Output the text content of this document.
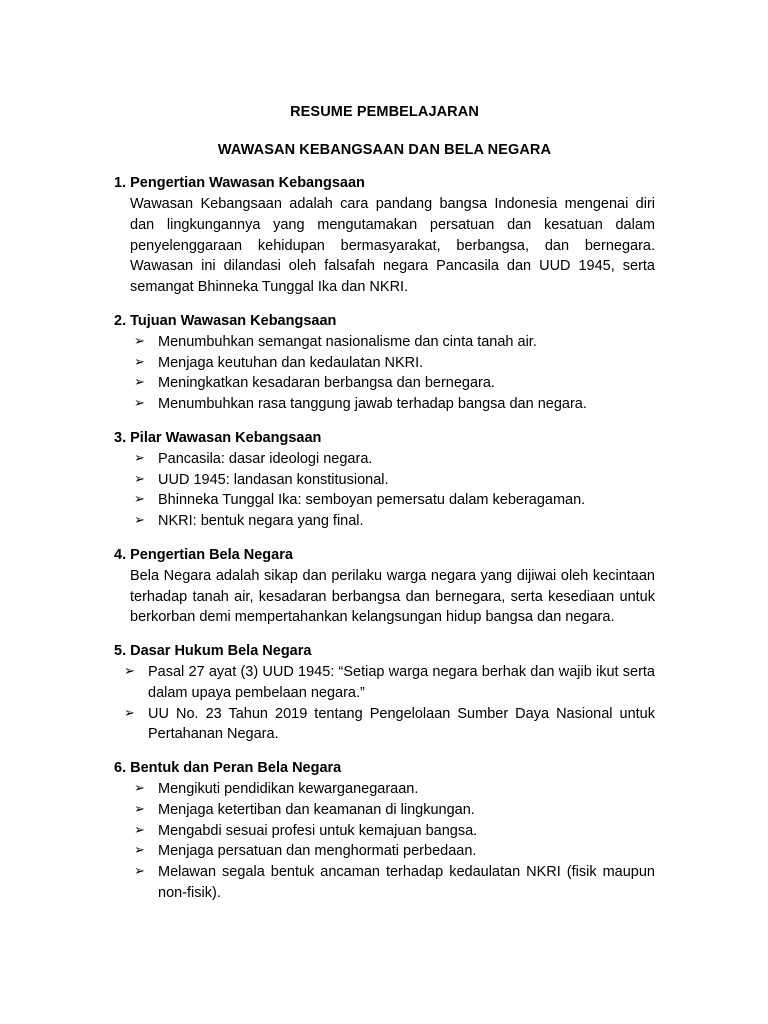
RESUME PEMBELAJARAN
WAWASAN KEBANGSAAN DAN BELA NEGARA

1. Pengertian Wawasan Kebangsaan

Wawasan Kebangsaan adalah cara pandang bangsa Indonesia mengenai diri dan lingkungannya yang mengutamakan persatuan dan kesatuan dalam penyelenggaraan kehidupan bermasyarakat, berbangsa, dan bernegara. Wawasan ini dilandasi oleh falsafah negara Pancasila dan UUD 1945, serta semangat Bhinneka Tunggal Ika dan NKRI.

2. Tujuan Wawasan Kebangsaan

➢ Menumbuhkan semangat nasionalisme dan cinta tanah air.
➢ Menjaga keutuhan dan kedaulatan NKRI.
➢ Meningkatkan kesadaran berbangsa dan bernegara.
➢ Menumbuhkan rasa tanggung jawab terhadap bangsa dan negara.

3. Pilar Wawasan Kebangsaan

➢ Pancasila: dasar ideologi negara.
➢ UUD 1945: landasan konstitusional.
➢ Bhinneka Tunggal Ika: semboyan pemersatu dalam keberagaman.
➢ NKRI: bentuk negara yang final.

4. Pengertian Bela Negara

Bela Negara adalah sikap dan perilaku warga negara yang dijiwai oleh kecintaan terhadap tanah air, kesadaran berbangsa dan bernegara, serta kesediaan untuk berkorban demi mempertahankan kelangsungan hidup bangsa dan negara.

5. Dasar Hukum Bela Negara

➢ Pasal 27 ayat (3) UUD 1945: “Setiap warga negara berhak dan wajib ikut serta dalam upaya pembelaan negara.”
➢ UU No. 23 Tahun 2019 tentang Pengelolaan Sumber Daya Nasional untuk Pertahanan Negara.

6. Bentuk dan Peran Bela Negara

➢ Mengikuti pendidikan kewarganegaraan.
➢ Menjaga ketertiban dan keamanan di lingkungan.
➢ Mengabdi sesuai profesi untuk kemajuan bangsa.
➢ Menjaga persatuan dan menghormati perbedaan.
➢ Melawan segala bentuk ancaman terhadap kedaulatan NKRI (fisik maupun non-fisik).
